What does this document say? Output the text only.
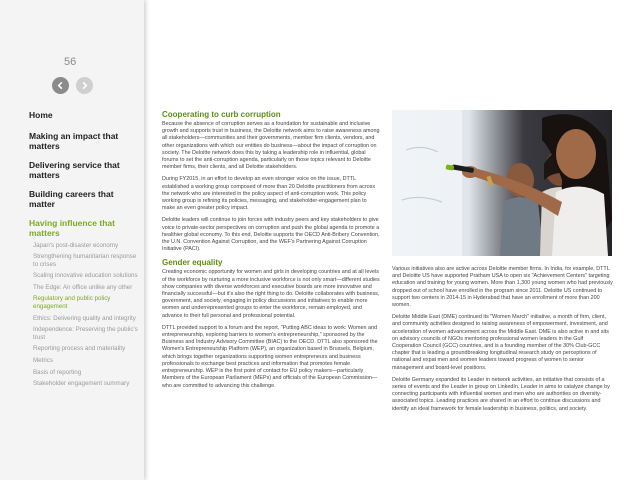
56
Home
Making an impact that matters
Delivering service that matters
Building careers that matter
Having influence that matters
Japan's post-disaster economy
Strengthening humanitarian response to crises
Scaling innovative education solutions
The Edge: An office unlike any other
Regulatory and public policy engagement
Ethics: Delivering quality and integrity
Independence: Preserving the public's trust
Reporting process and materiality
Metrics
Basis of reporting
Stakeholder engagement summary
Cooperating to curb corruption

Because the absence of corruption serves as a foundation for sustainable and inclusive growth and supports trust in business, the Deloitte network aims to raise awareness among all stakeholders—communities and their governments, member firm clients, vendors, and other organizations with which our entities do business—about the impact of corruption on society. The Deloitte network does this by taking a leadership role in influential, global forums to set the anti-corruption agenda, particularly on those topics relevant to Deloitte member firms, their clients, and all Deloitte stakeholders.

During FY2015, in an effort to develop an even stronger voice on the issue, DTTL established a working group composed of more than 20 Deloitte practitioners from across the network who are interested in the policy aspect of anti-corruption work. This policy working group is refining its policies, messaging, and stakeholder-engagement plan to make an even greater policy impact.

Deloitte leaders will continue to join forces with industry peers and key stakeholders to give voice to private-sector perspectives on corruption and push the global agenda to promote a healthier global economy. To this end, Deloitte supports the OECD Anti-Bribery Convention, the U.N. Convention Against Corruption, and the WEF's Partnering Against Corruption Initiative (PACI).

Gender equality

Creating economic opportunity for women and girls in developing countries and at all levels of the workforce by nurturing a more inclusive workforce is not only smart—different studies show companies with diverse workforces and executive boards are more innovative and financially successful—but it's also the right thing to do. Deloitte collaborates with business, government, and society, engaging in policy discussions and initiatives to enable more women and underrepresented groups to enter the workforce, remain employed, and advance to their full personal and professional potential.

DTTL provided support to a forum and the report, "Putting ABC ideas to work: Women and entrepreneurship, exploring barriers to women's entrepreneurship," sponsored by the Business and Industry Advisory Committee (BIAC) to the OECD. DTTL also sponsored the Women's Entrepreneurship Platform (WEP), an organization based in Brussels, Belgium, which brings together organizations supporting women entrepreneurs and business professionals to exchange best practices and information that promotes female entrepreneurship. WEP is the first point of contact for EU policy makers—particularly Members of the European Parliament (MEPs) and officials of the European Commission—who are committed to advancing this challenge.

Various initiatives also are active across Deloitte member firms. In India, for example, DTTL and Deloitte US have supported Pratham USA to open six "Achievement Centers" targeting education and training for young women. More than 1,300 young women who had previously dropped out of school have enrolled in the program since 2011. Deloitte US continued to support two centers in 2014-15 in Hyderabad that have an enrollment of more than 200 women.

Deloitte Middle East (DME) continued its "Women March" initiative, a month of firm, client, and community activities designed to raising awareness of empowerment, investment, and acceleration of women advancement across the Middle East. DME is also active in and sits on advisory councils of NGOs mentoring professional women leaders in the Gulf Cooperation Council (GCC) countries, and is a founding member of the 30% Club-GCC chapter that is leading a groundbreaking longitudinal research study on perceptions of national and expat men and women leaders toward progress of women to senior management and board-level positions.

Deloitte Germany expanded its Leader in network activities, an initiative that consists of a series of events and the Leader in group on LinkedIn. Leader in aims to catalyze change by connecting participants with influential women and men who are authorities on diversity-associated topics. Leading practices are shared in an effort to continue discussions and identify an ideal framework for female leadership in business, politics, and society.
